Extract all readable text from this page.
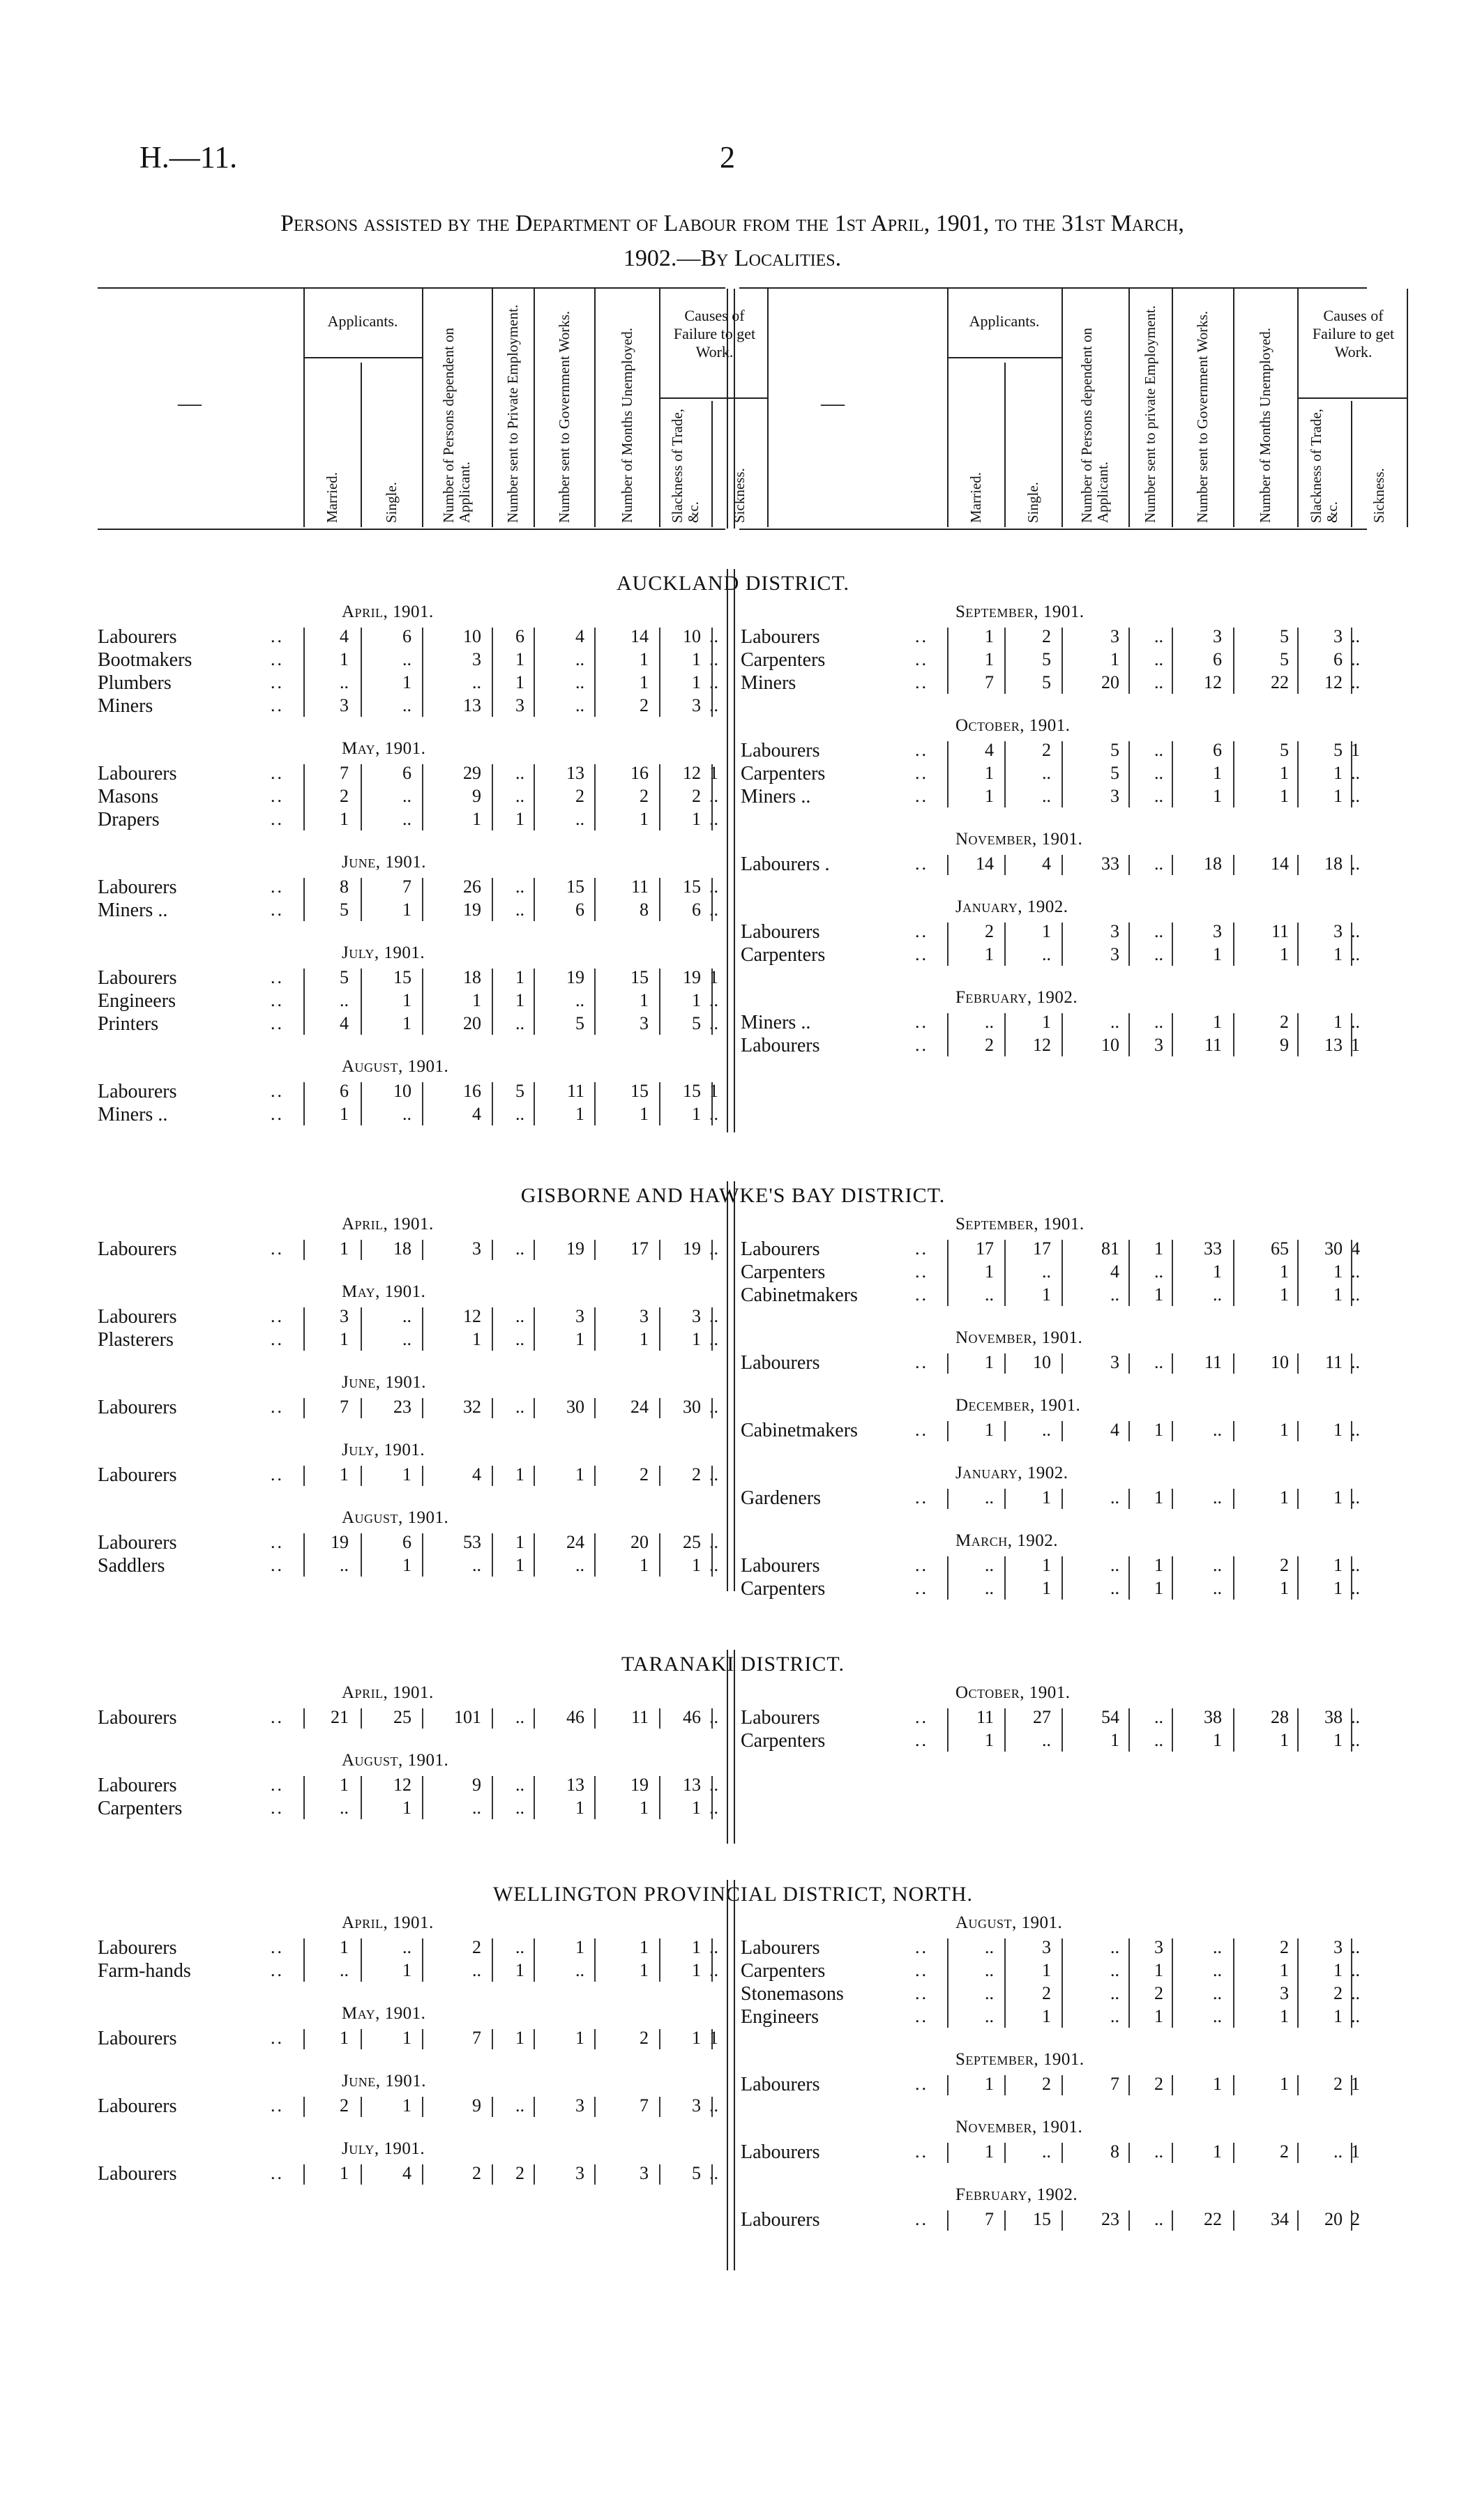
H.—11.	2
Persons assisted by the Department of Labour from the 1st April, 1901, to the 31st March,
1902.—By Localities.
—
Applicants.	Causes of Failure to get Work.
Married.	Single.	Number of Persons dependent on Applicant.	Number sent to Private Employment.	Number sent to Government Works.	Number of Months Unemployed.	Slackness of Trade, &c.	Sickness.
—
Applicants.	Causes of Failure to get Work.
Married.	Single.	Number of Persons dependent on Applicant.	Number sent to private Employment.	Number sent to Government Works.	Number of Months Unemployed.	Slackness of Trade, &c.	Sickness.
AUCKLAND DISTRICT.
April, 1901.
Labourers	..	4	6	10	6	4	14	10 ..
Bootmakers	..	1	..	3	1	..	1	1 ..
Plumbers	..	..	1	..	1	..	1	1 ..
Miners	..	3	..	13	3	..	2	3 ..
May, 1901.
Labourers	..	7	6	29	..	13	16	12 1
Masons	..	2	..	9	..	2	2	2 ..
Drapers	..	1	..	1	1	..	1	1 ..
June, 1901.
Labourers	..	8	7	26	..	15	11	15 ..
Miners ..	..	5	1	19	..	6	8	6 ..
July, 1901.
Labourers	..	5	15	18	1	19	15	19 1
Engineers	..	..	1	1	1	..	1	1 ..
Printers	..	4	1	20	..	5	3	5 ..
August, 1901.
Labourers	..	6	10	16	5	11	15	15 1
Miners ..	..	1	..	4	..	1	1	1 ..
September, 1901.
Labourers	..	1	2	3	..	3	5	3 ..
Carpenters	..	1	5	1	..	6	5	6 ..
Miners	..	7	5	20	..	12	22	12 ..
October, 1901.
Labourers	..	4	2	5	..	6	5	5 1
Carpenters	..	1	..	5	..	1	1	1 ..
Miners ..	..	1	..	3	..	1	1	1 ..
November, 1901.
Labourers .	..	14	4	33	..	18	14	18 ..
January, 1902.
Labourers	..	2	1	3	..	3	11	3 ..
Carpenters	..	1	..	3	..	1	1	1 ..
February, 1902.
Miners ..	..	..	1	..	..	1	2	1 ..
Labourers	..	2	12	10	3	11	9	13 1
GISBORNE AND HAWKE'S BAY DISTRICT.
April, 1901.
Labourers	..	1	18	3	..	19	17	19 ..
May, 1901.
Labourers	..	3	..	12	..	3	3	3 ..
Plasterers	..	1	..	1	..	1	1	1 ..
June, 1901.
Labourers	..	7	23	32	..	30	24	30 ..
July, 1901.
Labourers	..	1	1	4	1	1	2	2 ..
August, 1901.
Labourers	..	19	6	53	1	24	20	25 ..
Saddlers	..	..	1	..	1	..	1	1 ..
September, 1901.
Labourers	..	17	17	81	1	33	65	30 4
Carpenters	..	1	..	4	..	1	1	1 ..
Cabinetmakers	..	..	1	..	1	..	1	1 ..
November, 1901.
Labourers	..	1	10	3	..	11	10	11 ..
December, 1901.
Cabinetmakers	..	1	..	4	1	..	1	1 ..
January, 1902.
Gardeners	..	..	1	..	1	..	1	1 ..
March, 1902.
Labourers	..	..	1	..	1	..	2	1 ..
Carpenters	..	..	1	..	1	..	1	1 ..
TARANAKI DISTRICT.
April, 1901.
Labourers	..	21	25	101	..	46	11	46 ..
August, 1901.
Labourers	..	1	12	9	..	13	19	13 ..
Carpenters	..	..	1	..	..	1	1	1 ..
October, 1901.
Labourers	..	11	27	54	..	38	28	38 ..
Carpenters	..	1	..	1	..	1	1	1 ..
WELLINGTON PROVINCIAL DISTRICT, NORTH.
April, 1901.
Labourers	..	1	..	2	..	1	1	1 ..
Farm-hands	..	..	1	..	1	..	1	1 ..
May, 1901.
Labourers	..	1	1	7	1	1	2	1 1
June, 1901.
Labourers	..	2	1	9	..	3	7	3 ..
July, 1901.
Labourers	..	1	4	2	2	3	3	5 ..
August, 1901.
Labourers	..	..	3	..	3	..	2	3 ..
Carpenters	..	..	1	..	1	..	1	1 ..
Stonemasons	..	..	2	..	2	..	3	2 ..
Engineers	..	..	1	..	1	..	1	1 ..
September, 1901.
Labourers	..	1	2	7	2	1	1	2 1
November, 1901.
Labourers	..	1	..	8	..	1	2	.. 1
February, 1902.
Labourers	..	7	15	23	..	22	34	20 2
